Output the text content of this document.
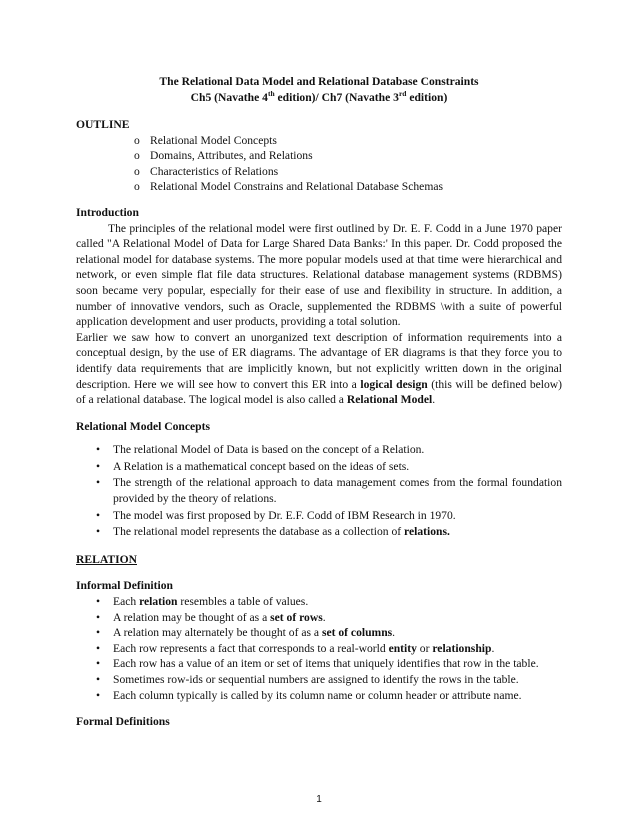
The Relational Data Model and Relational Database Constraints
Ch5 (Navathe 4th edition)/ Ch7 (Navathe 3rd edition)

OUTLINE

o Relational Model Concepts
o Domains, Attributes, and Relations
o Characteristics of Relations
o Relational Model Constrains and Relational Database Schemas

Introduction

The principles of the relational model were first outlined by Dr. E. F. Codd in a June 1970 paper called "A Relational Model of Data for Large Shared Data Banks:' In this paper. Dr. Codd proposed the relational model for database systems. The more popular models used at that time were hierarchical and network, or even simple flat file data structures. Relational database management systems (RDBMS) soon became very popular, especially for their ease of use and flexibility in structure. In addition, a number of innovative vendors, such as Oracle, supplemented the RDBMS \with a suite of powerful application development and user products, providing a total solution.

Earlier we saw how to convert an unorganized text description of information requirements into a conceptual design, by the use of ER diagrams. The advantage of ER diagrams is that they force you to identify data requirements that are implicitly known, but not explicitly written down in the original description. Here we will see how to convert this ER into a logical design (this will be defined below) of a relational database. The logical model is also called a Relational Model.

Relational Model Concepts

• The relational Model of Data is based on the concept of a Relation.
• A Relation is a mathematical concept based on the ideas of sets.
• The strength of the relational approach to data management comes from the formal foundation provided by the theory of relations.
• The model was first proposed by Dr. E.F. Codd of IBM Research in 1970.
• The relational model represents the database as a collection of relations.

RELATION

Informal Definition

• Each relation resembles a table of values.
• A relation may be thought of as a set of rows.
• A relation may alternately be thought of as a set of columns.
• Each row represents a fact that corresponds to a real-world entity or relationship.
• Each row has a value of an item or set of items that uniquely identifies that row in the table.
• Sometimes row-ids or sequential numbers are assigned to identify the rows in the table.
• Each column typically is called by its column name or column header or attribute name.

Formal Definitions

1
